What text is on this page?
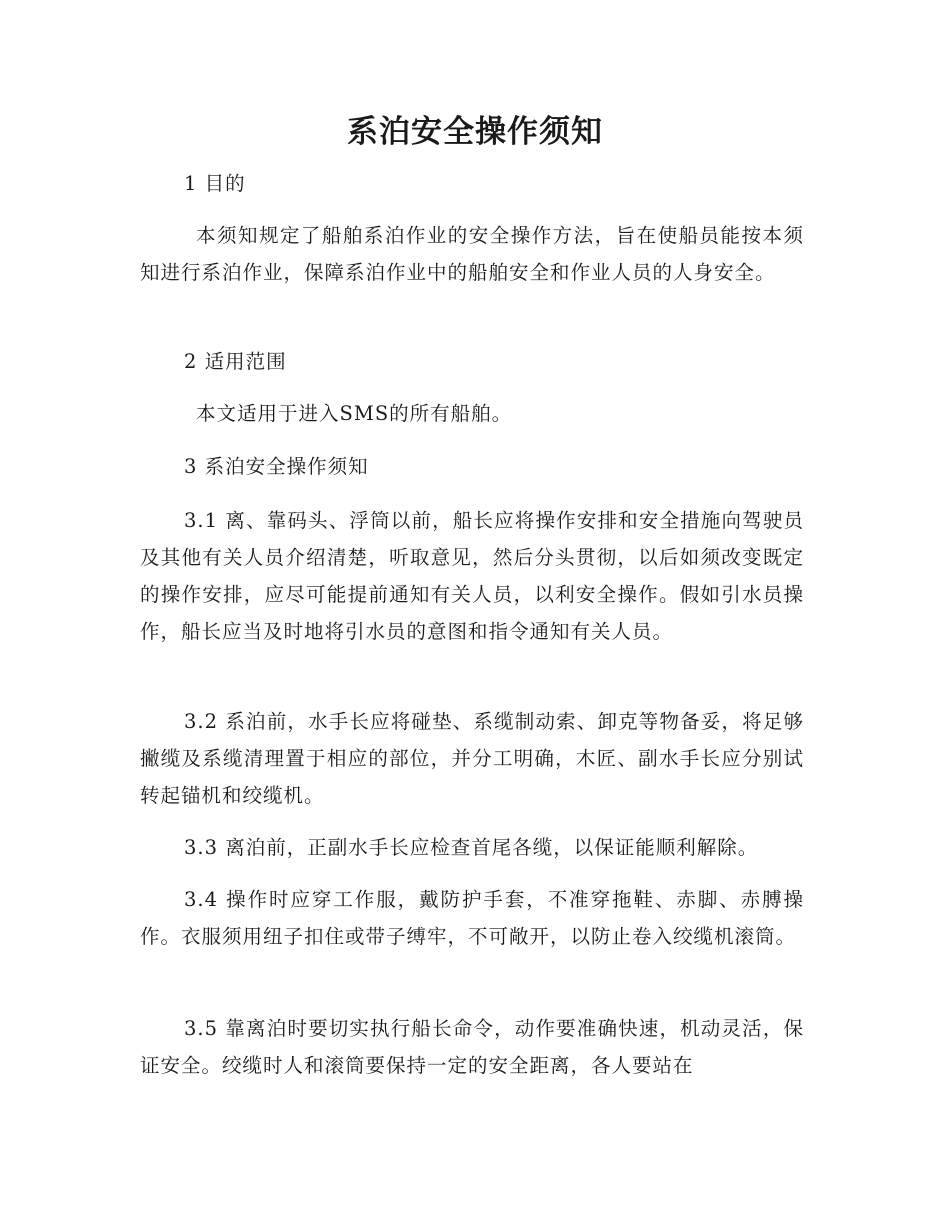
系泊安全操作须知

1 目的

本须知规定了船舶系泊作业的安全操作方法，旨在使船员能按本须知进行系泊作业，保障系泊作业中的船舶安全和作业人员的人身安全。

2 适用范围

本文适用于进入SMS的所有船舶。

3 系泊安全操作须知

3.1 离、靠码头、浮筒以前，船长应将操作安排和安全措施向驾驶员及其他有关人员介绍清楚，听取意见，然后分头贯彻，以后如须改变既定的操作安排，应尽可能提前通知有关人员，以利安全操作。假如引水员操作，船长应当及时地将引水员的意图和指令通知有关人员。

3.2 系泊前，水手长应将碰垫、系缆制动索、卸克等物备妥，将足够撇缆及系缆清理置于相应的部位，并分工明确，木匠、副水手长应分别试转起锚机和绞缆机。

3.3 离泊前，正副水手长应检查首尾各缆，以保证能顺利解除。

3.4 操作时应穿工作服，戴防护手套，不准穿拖鞋、赤脚、赤膊操作。衣服须用纽子扣住或带子缚牢，不可敞开，以防止卷入绞缆机滚筒。

3.5 靠离泊时要切实执行船长命令，动作要准确快速，机动灵活，保证安全。绞缆时人和滚筒要保持一定的安全距离，各人要站在
